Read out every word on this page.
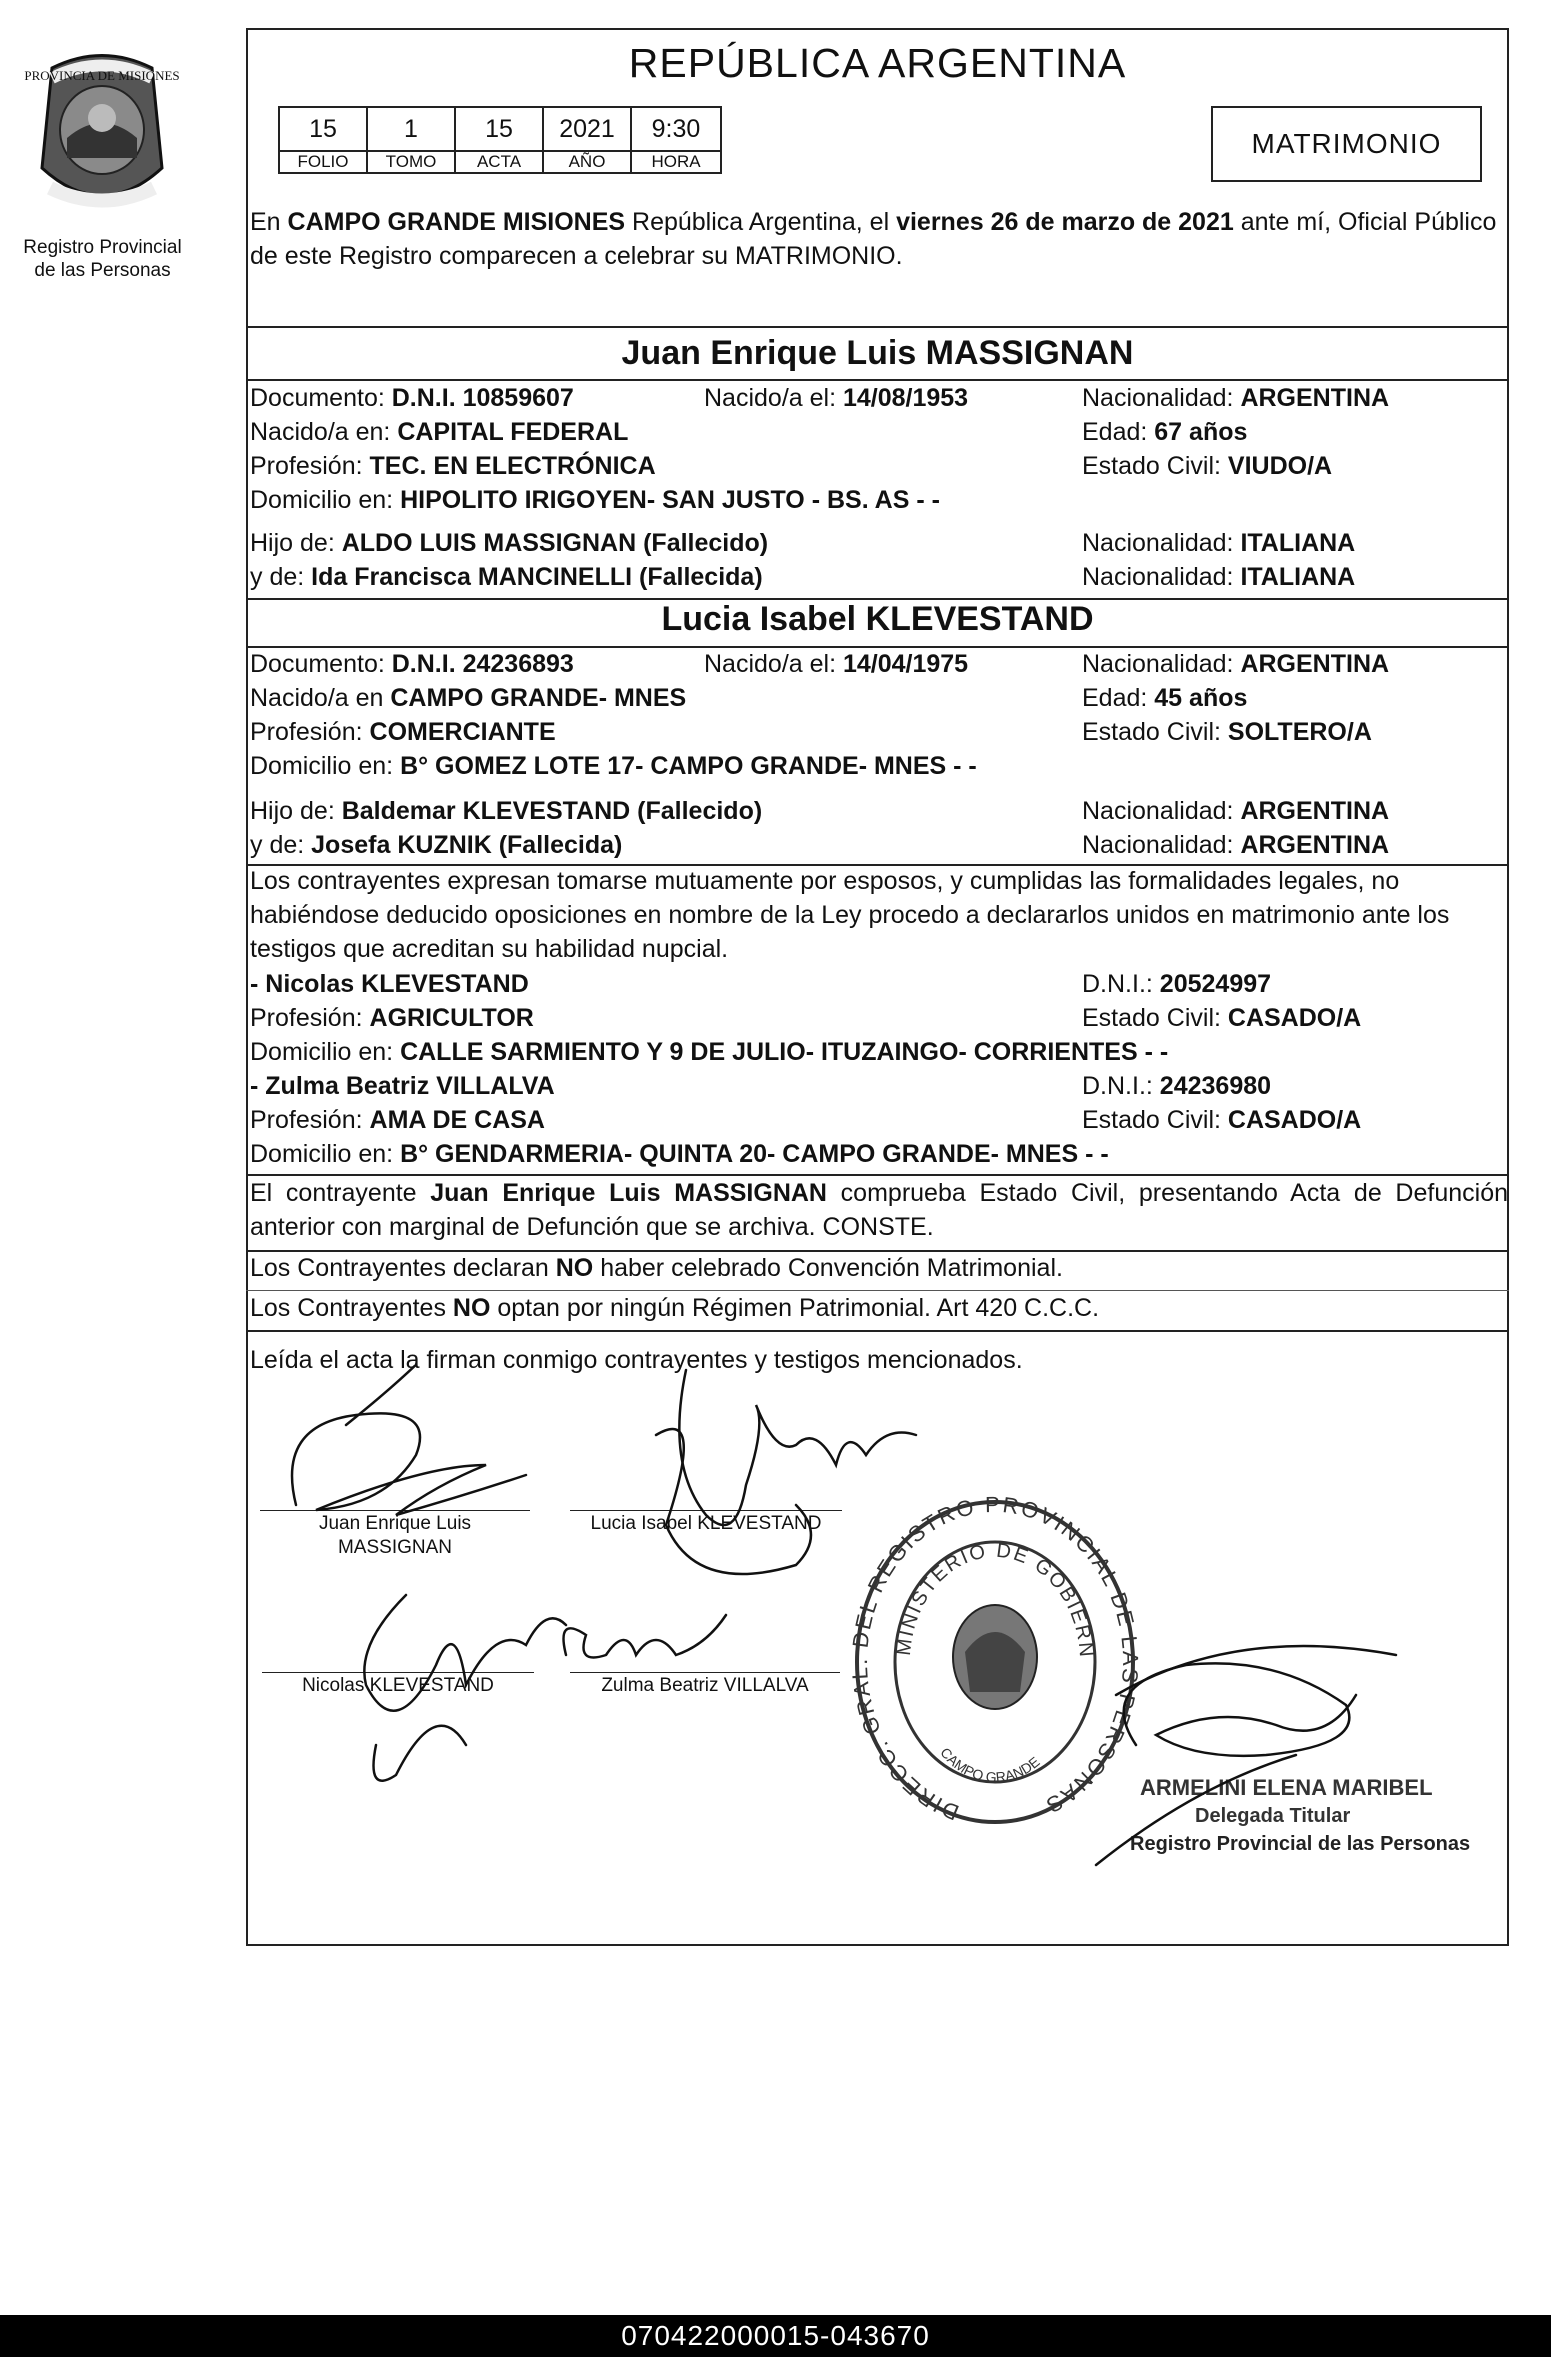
PROVINCIA DE MISIONES
Registro Provincial
de las Personas
REPÚBLICA ARGENTINA
15	1	15	2021	9:30
FOLIO	TOMO	ACTA	AÑO	HORA
MATRIMONIO
En CAMPO GRANDE MISIONES República Argentina, el viernes 26 de marzo de 2021 ante mí, Oficial Público de este Registro comparecen a celebrar su MATRIMONIO.
Juan Enrique Luis MASSIGNAN
Documento: D.N.I. 10859607	Nacido/a el: 14/08/1953	Nacionalidad: ARGENTINA
Nacido/a en: CAPITAL FEDERAL	Edad: 67 años
Profesión: TEC. EN ELECTRÓNICA	Estado Civil: VIUDO/A
Domicilio en: HIPOLITO IRIGOYEN- SAN JUSTO - BS. AS - -
Hijo de: ALDO LUIS MASSIGNAN (Fallecido)	Nacionalidad: ITALIANA
y de: Ida Francisca MANCINELLI (Fallecida)	Nacionalidad: ITALIANA
Lucia Isabel KLEVESTAND
Documento: D.N.I. 24236893	Nacido/a el: 14/04/1975	Nacionalidad: ARGENTINA
Nacido/a en CAMPO GRANDE- MNES	Edad: 45 años
Profesión: COMERCIANTE	Estado Civil: SOLTERO/A
Domicilio en: B° GOMEZ LOTE 17- CAMPO GRANDE- MNES - -
Hijo de: Baldemar KLEVESTAND (Fallecido)	Nacionalidad: ARGENTINA
y de: Josefa KUZNIK (Fallecida)	Nacionalidad: ARGENTINA
Los contrayentes expresan tomarse mutuamente por esposos, y cumplidas las formalidades legales, no habiéndose deducido oposiciones en nombre de la Ley procedo a declararlos unidos en matrimonio ante los testigos que acreditan su habilidad nupcial.
- Nicolas KLEVESTAND	D.N.I.: 20524997
Profesión: AGRICULTOR	Estado Civil: CASADO/A
Domicilio en: CALLE SARMIENTO Y 9 DE JULIO- ITUZAINGO- CORRIENTES - -
- Zulma Beatriz VILLALVA	D.N.I.: 24236980
Profesión: AMA DE CASA	Estado Civil: CASADO/A
Domicilio en: B° GENDARMERIA- QUINTA 20- CAMPO GRANDE- MNES - -
El contrayente Juan Enrique Luis MASSIGNAN comprueba Estado Civil, presentando Acta de Defunción anterior con marginal de Defunción que se archiva. CONSTE.
Los Contrayentes declaran NO haber celebrado Convención Matrimonial.
Los Contrayentes NO optan por ningún Régimen Patrimonial. Art 420 C.C.C.
Leída el acta la firman conmigo contrayentes y testigos mencionados.
Juan Enrique Luis
MASSIGNAN
Lucia Isabel KLEVESTAND
Nicolas KLEVESTAND	Zulma Beatriz VILLALVA
DIRECC. GRA DEL REGISTRO PROVINCIAL DE PERSONAS
MINISTERIO DE GOBIERN
CAMPO GRANDE
ARMELINI ELENA MARIBEL
Delegada Titular
Registro Provincial de las Personas
070422000015-043670
